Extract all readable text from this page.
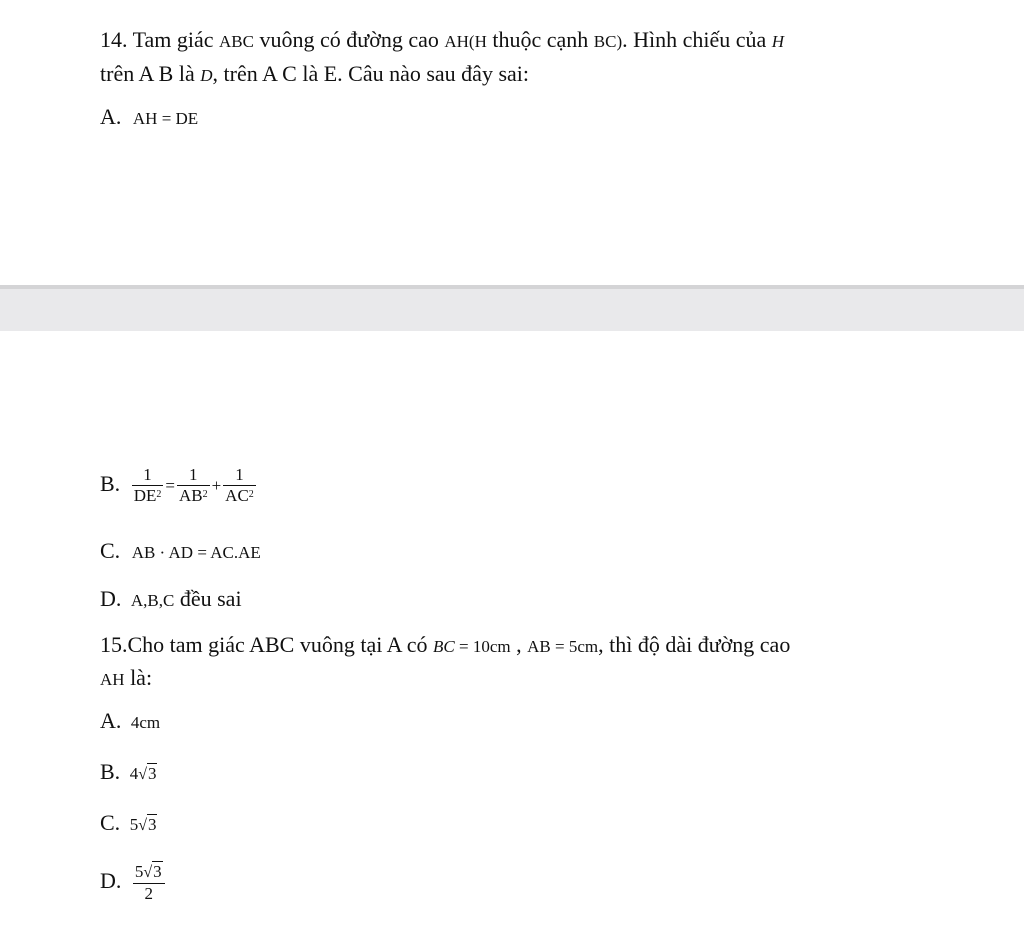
14. Tam giác ABC vuông có đường cao AH(H thuộc cạnh BC). Hình chiếu của H
trên A B là D, trên A C là E. Câu nào sau đây sai:
A. AH = DE
B. $\frac{1}{DE^2} = \frac{1}{AB^2} + \frac{1}{AC^2}$
C. AB · AD = AC.AE
D. A,B,C đều sai
15.Cho tam giác ABC vuông tại A có BC = 10cm , AB = 5cm, thì độ dài đường cao
AH là:
A. 4cm
B. 4√3
C. 5√3
D. $\frac{5√3}{2}$
